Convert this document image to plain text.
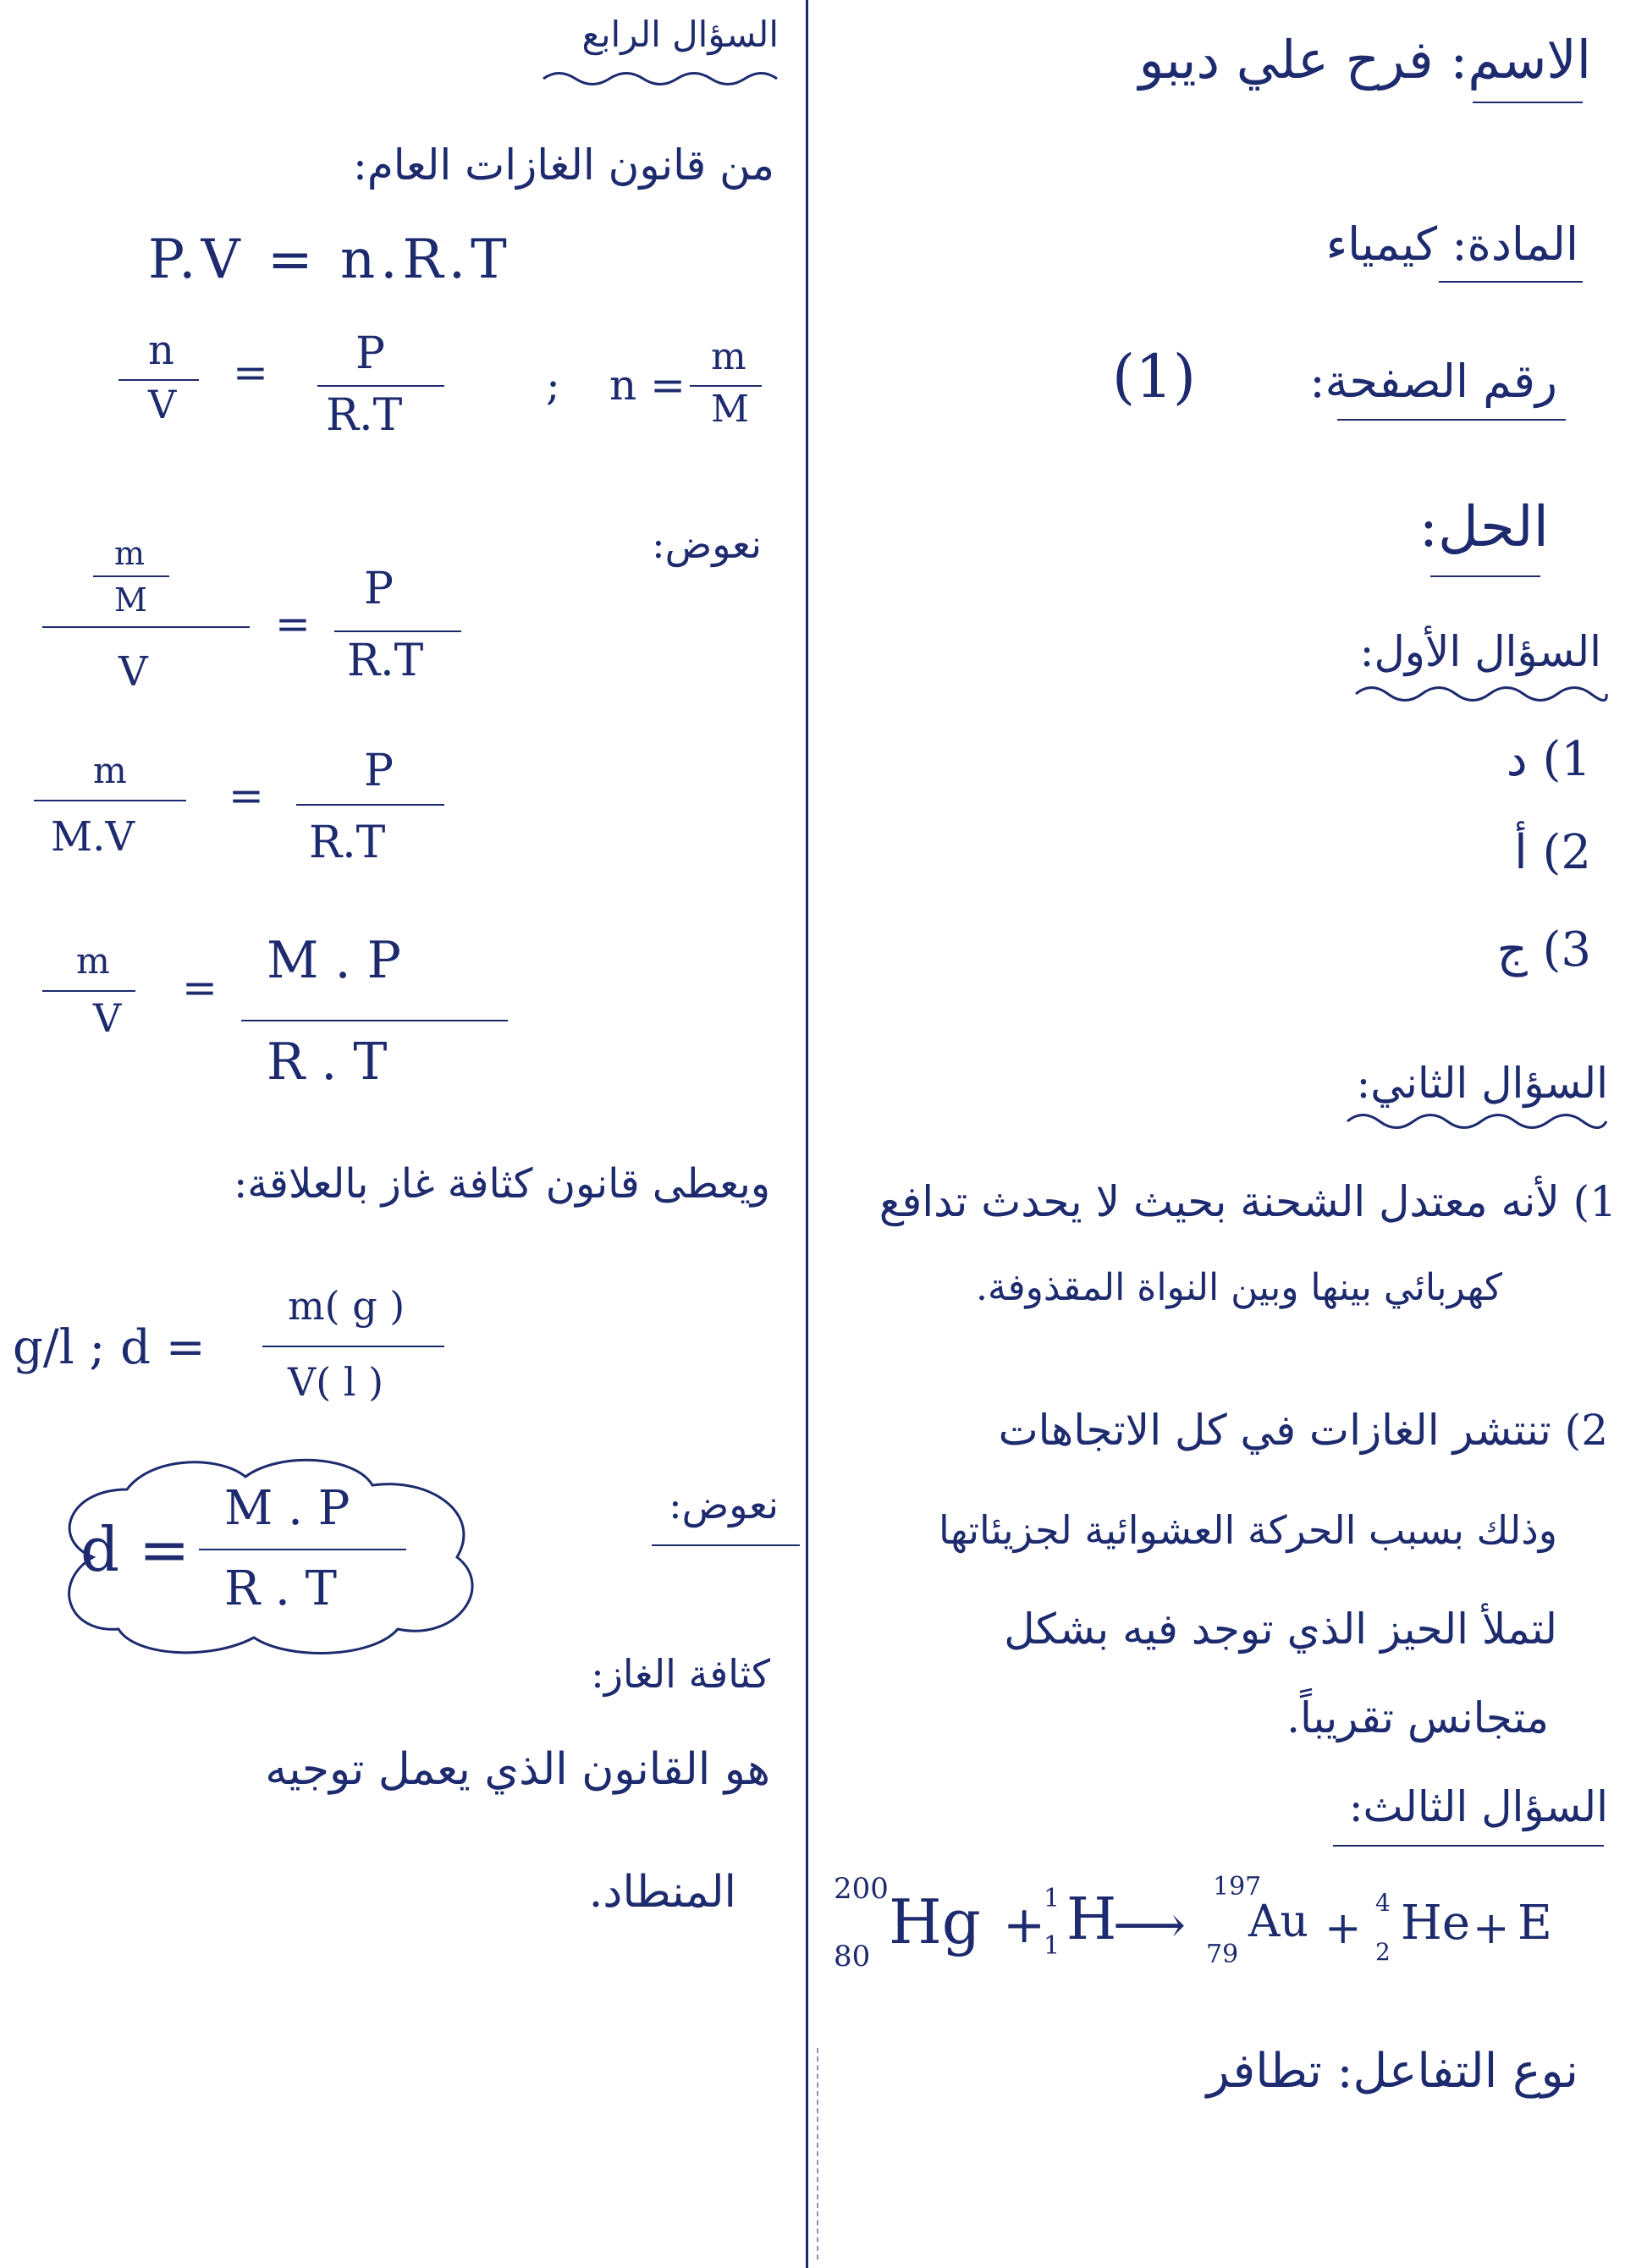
الاسم: فرح علي ديبو
المادة: كيمياء
رقم الصفحة:  (1)
الحل:
السؤال الأول:
1) د
2) أ
3) ج
السؤال الثاني:
1) لأنه معتدل الشحنة بحيث لا يحدث تدافع
كهربائي بينها وبين النواة المقذوفة.
2) تنتشر الغازات في كل الاتجاهات
وذلك بسبب الحركة العشوائية لجزيئاتها
لتملأ الحيز الذي توجد فيه بشكل
متجانس تقريباً.
السؤال الثالث:
200
80 Hg +
1
1 H
⟶
197
79
Au +
4
2
He + E
نوع التفاعل: تطافر
السؤال الرابع
من قانون الغازات العام:
P.V = n.R.T
n
V
= P
R.T
; n =
m
M
نعوض:
m
M
V
=
P
R.T
m
M.V
= P
R.T
m
V
= M . P
R . T
ويعطى قانون كثافة غاز بالعلاقة:
g/l ; d =
m( g )
V( l )
نعوض:
d =
M . P
R . T
كثافة الغاز:
هو القانون الذي يعمل توجيه
المنطاد.
